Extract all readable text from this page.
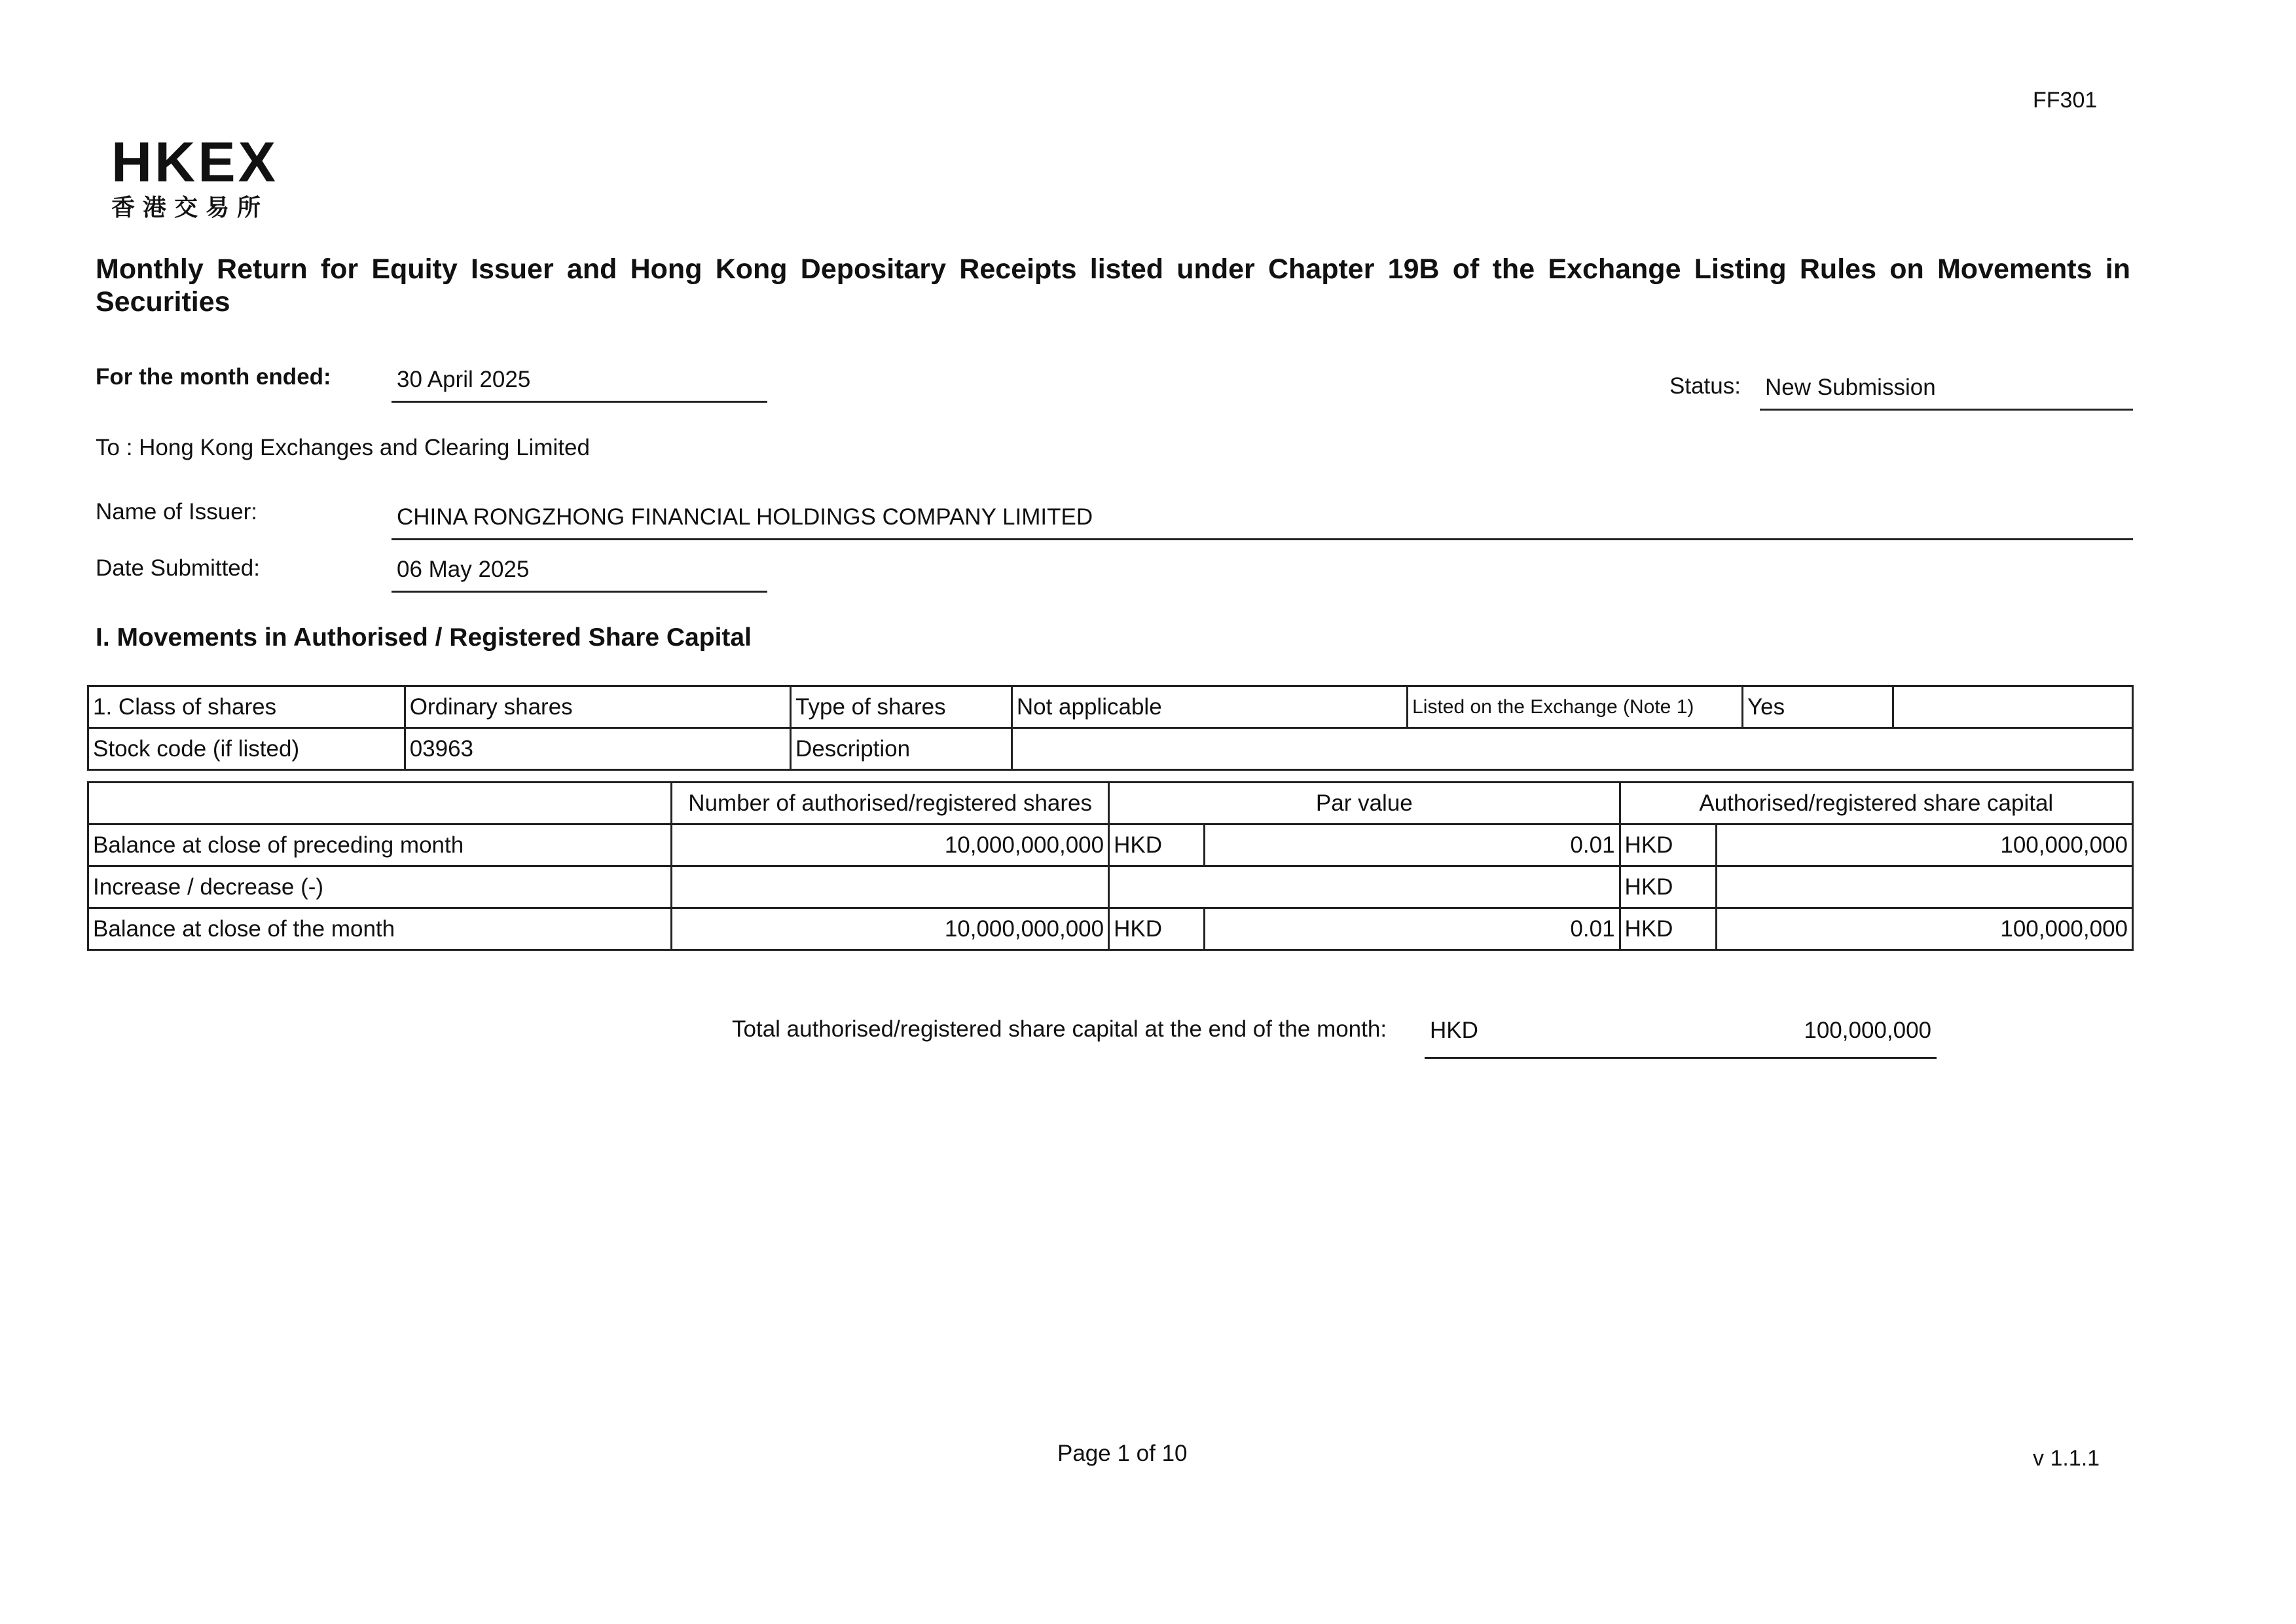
FF301
HKEX
香港交易所
Monthly Return for Equity Issuer and Hong Kong Depositary Receipts listed under Chapter 19B of the Exchange Listing Rules on Movements in Securities
For the month ended:	30 April 2025	Status: New Submission
To : Hong Kong Exchanges and Clearing Limited
Name of Issuer:	CHINA RONGZHONG FINANCIAL HOLDINGS COMPANY LIMITED
Date Submitted:	06 May 2025
I. Movements in Authorised / Registered Share Capital
1. Class of shares	Ordinary shares	Type of shares	Not applicable	Listed on the Exchange (Note 1)	Yes	
Stock code (if listed)	03963	Description				
	Number of authorised/registered shares	Par value		Authorised/registered share capital	
Balance at close of preceding month	10,000,000,000	HKD	0.01	HKD	100,000,000
Increase / decrease (-)				HKD	
Balance at close of the month	10,000,000,000	HKD	0.01	HKD	100,000,000
Total authorised/registered share capital at the end of the month: HKD	100,000,000
Page 1 of 10	v 1.1.1
